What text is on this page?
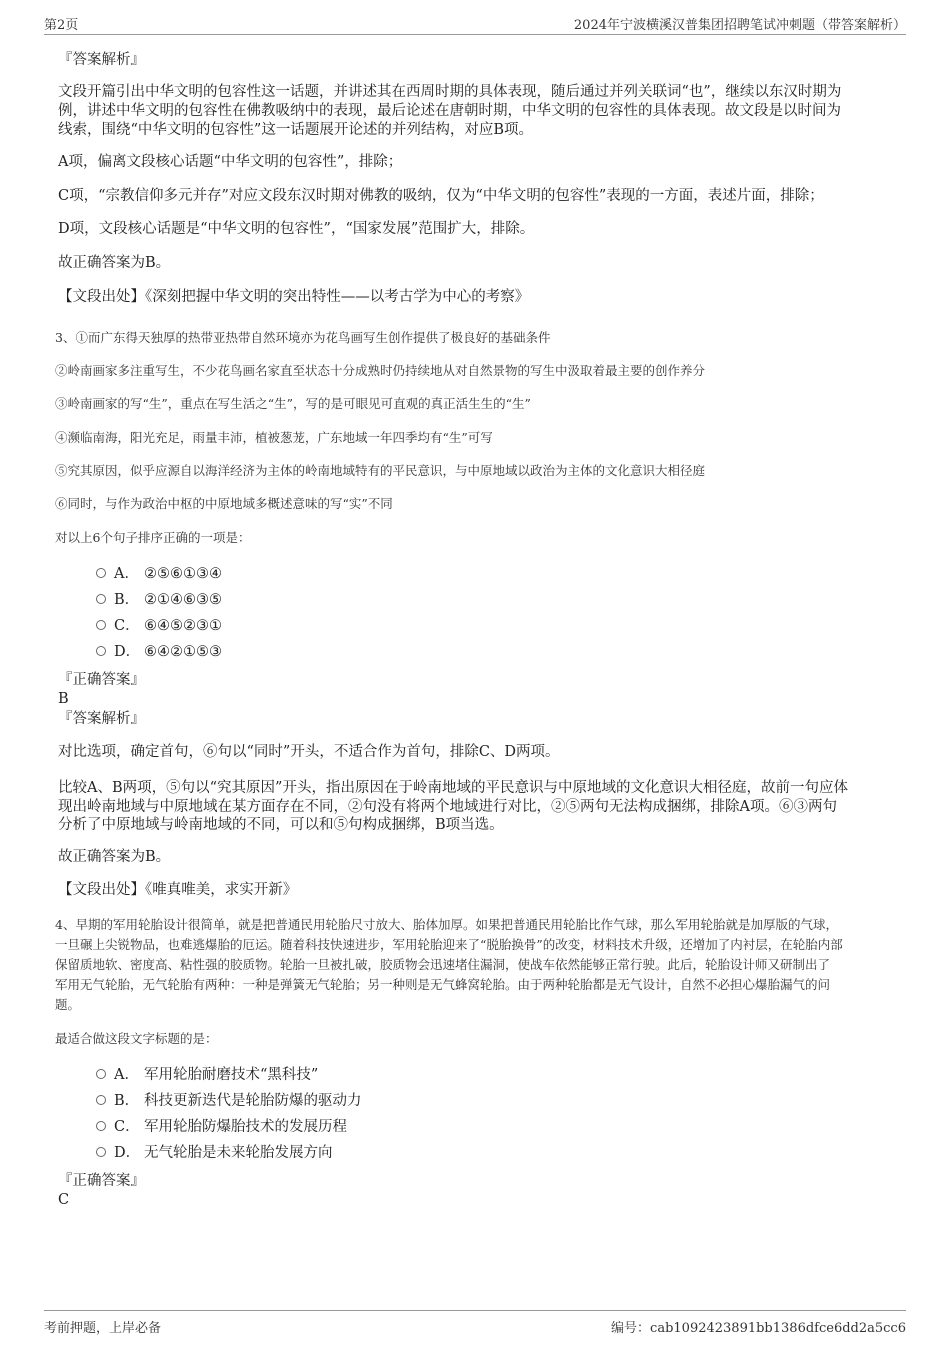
第2页	2024年宁波横溪汉普集团招聘笔试冲刺题（带答案解析）
『答案解析』
文段开篇引出中华文明的包容性这一话题，并讲述其在西周时期的具体表现，随后通过并列关联词“也”，继续以东汉时期为
例，讲述中华文明的包容性在佛教吸纳中的表现，最后论述在唐朝时期，中华文明的包容性的具体表现。故文段是以时间为
线索，围绕“中华文明的包容性”这一话题展开论述的并列结构，对应B项。
A项，偏离文段核心话题“中华文明的包容性”，排除；
C项，“宗教信仰多元并存”对应文段东汉时期对佛教的吸纳，仅为“中华文明的包容性”表现的一方面，表述片面，排除；
D项，文段核心话题是“中华文明的包容性”，“国家发展”范围扩大，排除。
故正确答案为B。
【文段出处】《深刻把握中华文明的突出特性——以考古学为中心的考察》
3、①而广东得天独厚的热带亚热带自然环境亦为花鸟画写生创作提供了极良好的基础条件
②岭南画家多注重写生，不少花鸟画名家直至状态十分成熟时仍持续地从对自然景物的写生中汲取着最主要的创作养分
③岭南画家的写“生”，重点在写生活之“生”，写的是可眼见可直观的真正活生生的“生”
④濒临南海，阳光充足，雨量丰沛，植被葱茏，广东地域一年四季均有“生”可写
⑤究其原因，似乎应源自以海洋经济为主体的岭南地域特有的平民意识，与中原地域以政治为主体的文化意识大相径庭
⑥同时，与作为政治中枢的中原地域多概述意味的写“实”不同
对以上6个句子排序正确的一项是：
A． ②⑤⑥①③④
B． ②①④⑥③⑤
C． ⑥④⑤②③①
D． ⑥④②①⑤③
『正确答案』
B
『答案解析』
对比选项，确定首句，⑥句以“同时”开头，不适合作为首句，排除C、D两项。
比较A、B两项，⑤句以“究其原因”开头，指出原因在于岭南地域的平民意识与中原地域的文化意识大相径庭，故前一句应体
现出岭南地域与中原地域在某方面存在不同，②句没有将两个地域进行对比，②⑤两句无法构成捆绑，排除A项。⑥③两句
分析了中原地域与岭南地域的不同，可以和⑤句构成捆绑，B项当选。
故正确答案为B。
【文段出处】《唯真唯美，求实开新》
4、早期的军用轮胎设计很简单，就是把普通民用轮胎尺寸放大、胎体加厚。如果把普通民用轮胎比作气球，那么军用轮胎就是加厚版的气球，
一旦碾上尖锐物品，也难逃爆胎的厄运。随着科技快速进步，军用轮胎迎来了“脱胎换骨”的改变，材料技术升级，还增加了内衬层，在轮胎内部
保留质地软、密度高、粘性强的胶质物。轮胎一旦被扎破，胶质物会迅速堵住漏洞，使战车依然能够正常行驶。此后，轮胎设计师又研制出了
军用无气轮胎，无气轮胎有两种：一种是弹簧无气轮胎；另一种则是无气蜂窝轮胎。由于两种轮胎都是无气设计，自然不必担心爆胎漏气的问
题。
最适合做这段文字标题的是：
A． 军用轮胎耐磨技术“黑科技”
B． 科技更新迭代是轮胎防爆的驱动力
C． 军用轮胎防爆胎技术的发展历程
D． 无气轮胎是未来轮胎发展方向
『正确答案』
C
考前押题，上岸必备	编号：cab1092423891bb1386dfce6dd2a5cc6
